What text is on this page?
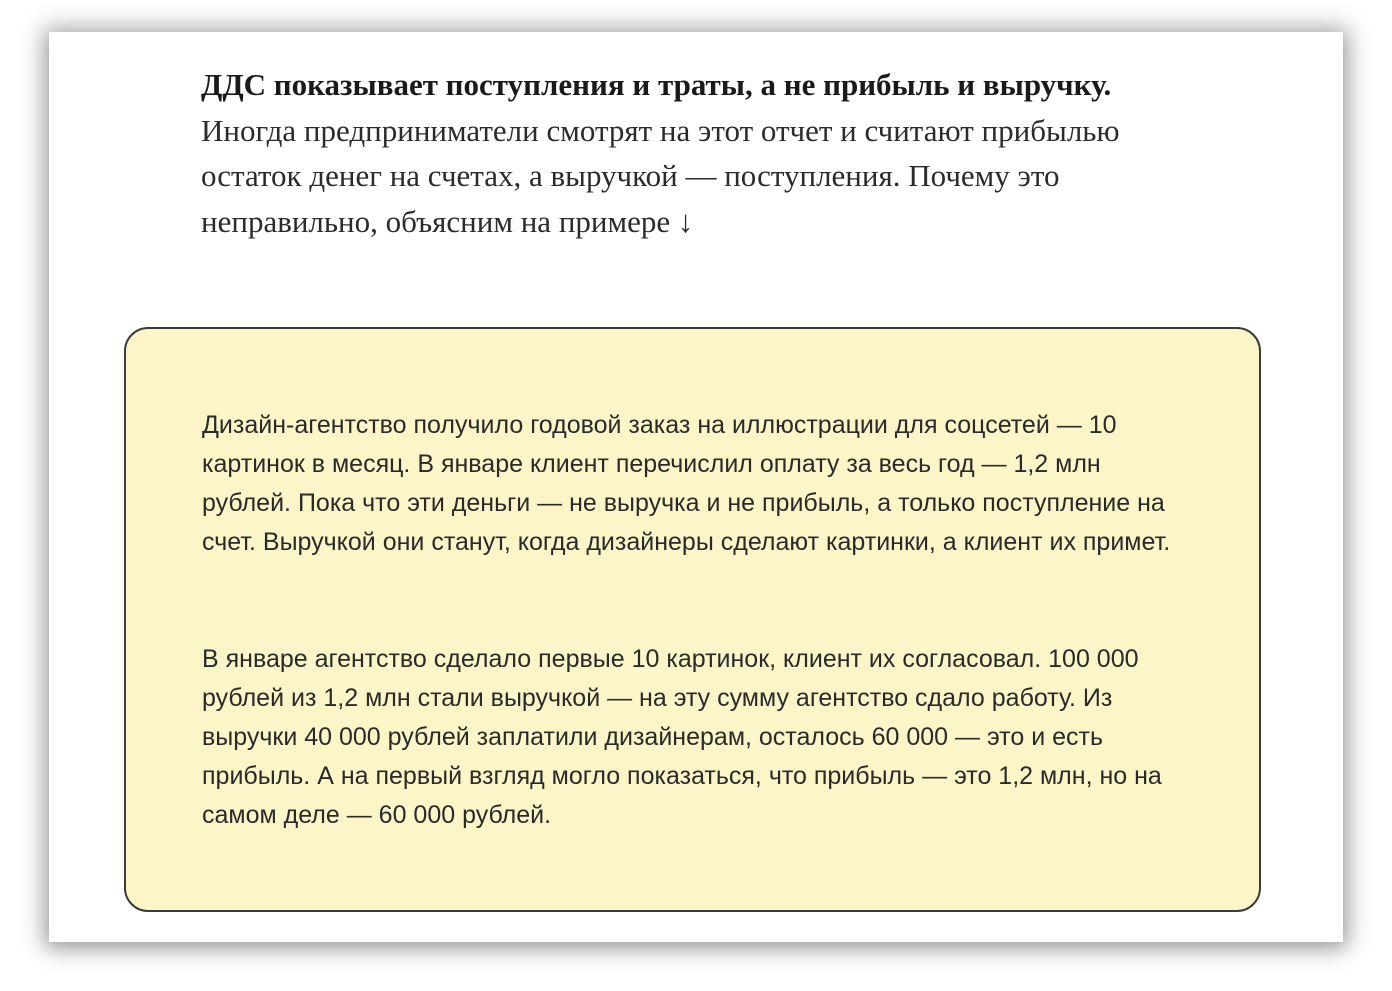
ДДС показывает поступления и траты, а не прибыль и выручку.
Иногда предприниматели смотрят на этот отчет и считают прибылью остаток денег на счетах, а выручкой — поступления. Почему это неправильно, объясним на примере ↓

Дизайн-агентство получило годовой заказ на иллюстрации для соцсетей — 10 картинок в месяц. В январе клиент перечислил оплату за весь год — 1,2 млн рублей. Пока что эти деньги — не выручка и не прибыль, а только поступление на счет. Выручкой они станут, когда дизайнеры сделают картинки, а клиент их примет.

В январе агентство сделало первые 10 картинок, клиент их согласовал. 100 000 рублей из 1,2 млн стали выручкой — на эту сумму агентство сдало работу. Из выручки 40 000 рублей заплатили дизайнерам, осталось 60 000 — это и есть прибыль. А на первый взгляд могло показаться, что прибыль — это 1,2 млн, но на самом деле — 60 000 рублей.
